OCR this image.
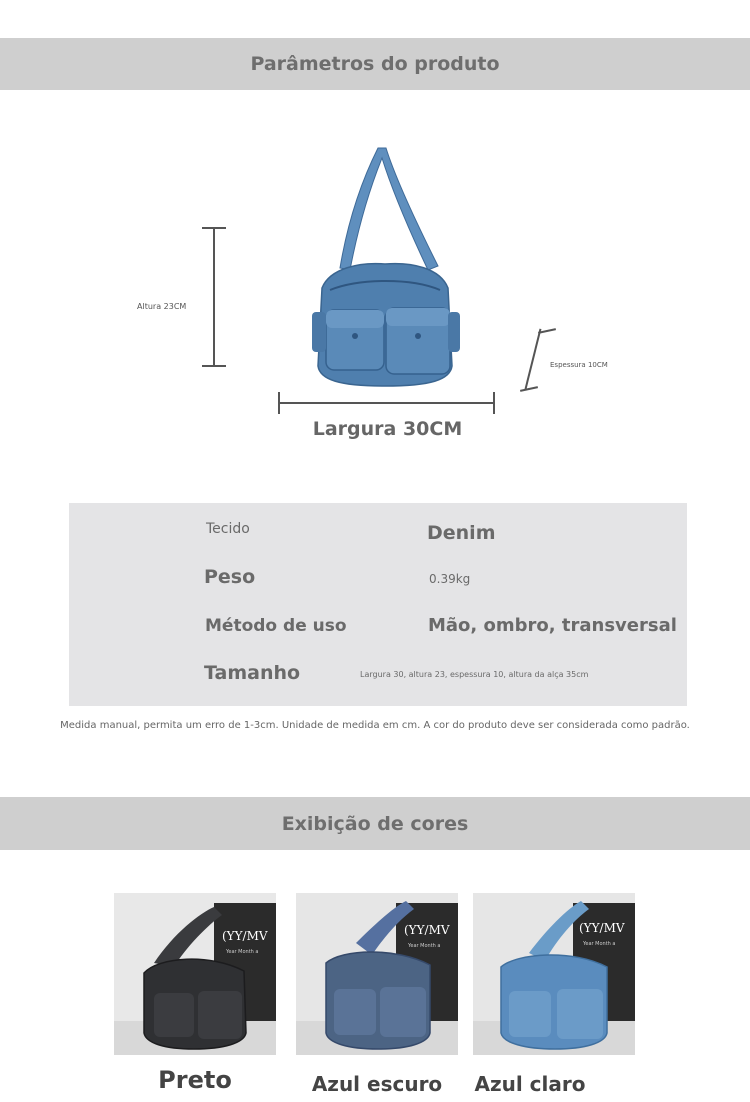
Parâmetros do produto
Altura 23CM
Espessura 10CM
Largura 30CM
Tecido	Denim
Peso	0.39kg
Método de uso	Mão, ombro, transversal
Tamanho	Largura 30, altura 23, espessura 10, altura da alça 35cm
Medida manual, permita um erro de 1-3cm. Unidade de medida em cm. A cor do produto deve ser considerada como padrão.
Exibição de cores
(YY/MV
Year Month a
(YY/MV
Year Month a
(YY/MV
Year Month a
Preto	Azul escuro	Azul claro
